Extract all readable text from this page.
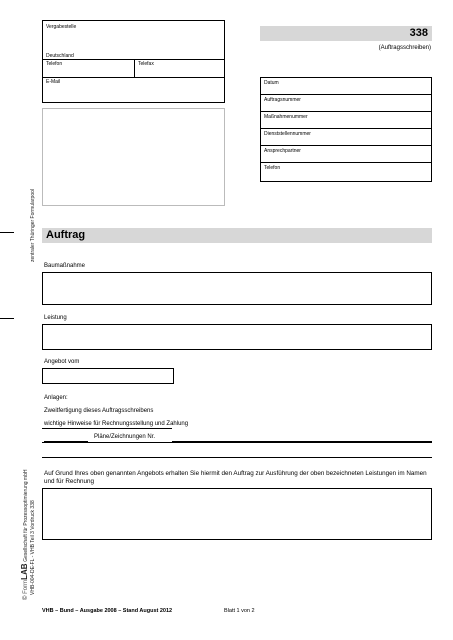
zentraler Thüringer Formularpool
© FormLAB Gesellschaft für Prozessoptimierung mbH VHB-004-DE-FL - VHB Teil 3 Vordruck 338
Vergabestelle
Deutschland
Telefon	Telefax
E-Mail
338
(Auftragsschreiben)
Datum
Auftragsnummer
Maßnahmenummer
Dienststellennummer
Ansprechpartner
Telefon
Auftrag
Baumaßnahme
Leistung
Angebot vom
Anlagen:
Zweitfertigung dieses Auftragsschreibens
wichtige Hinweise für Rechnungsstellung und Zahlung
Pläne/Zeichnungen Nr.
Auf Grund Ihres oben genannten Angebots erhalten Sie hiermit den Auftrag zur Ausführung der oben bezeichneten Leistungen im Namen und für Rechnung
VHB – Bund – Ausgabe 2008 – Stand August 2012	Blatt 1 von 2
